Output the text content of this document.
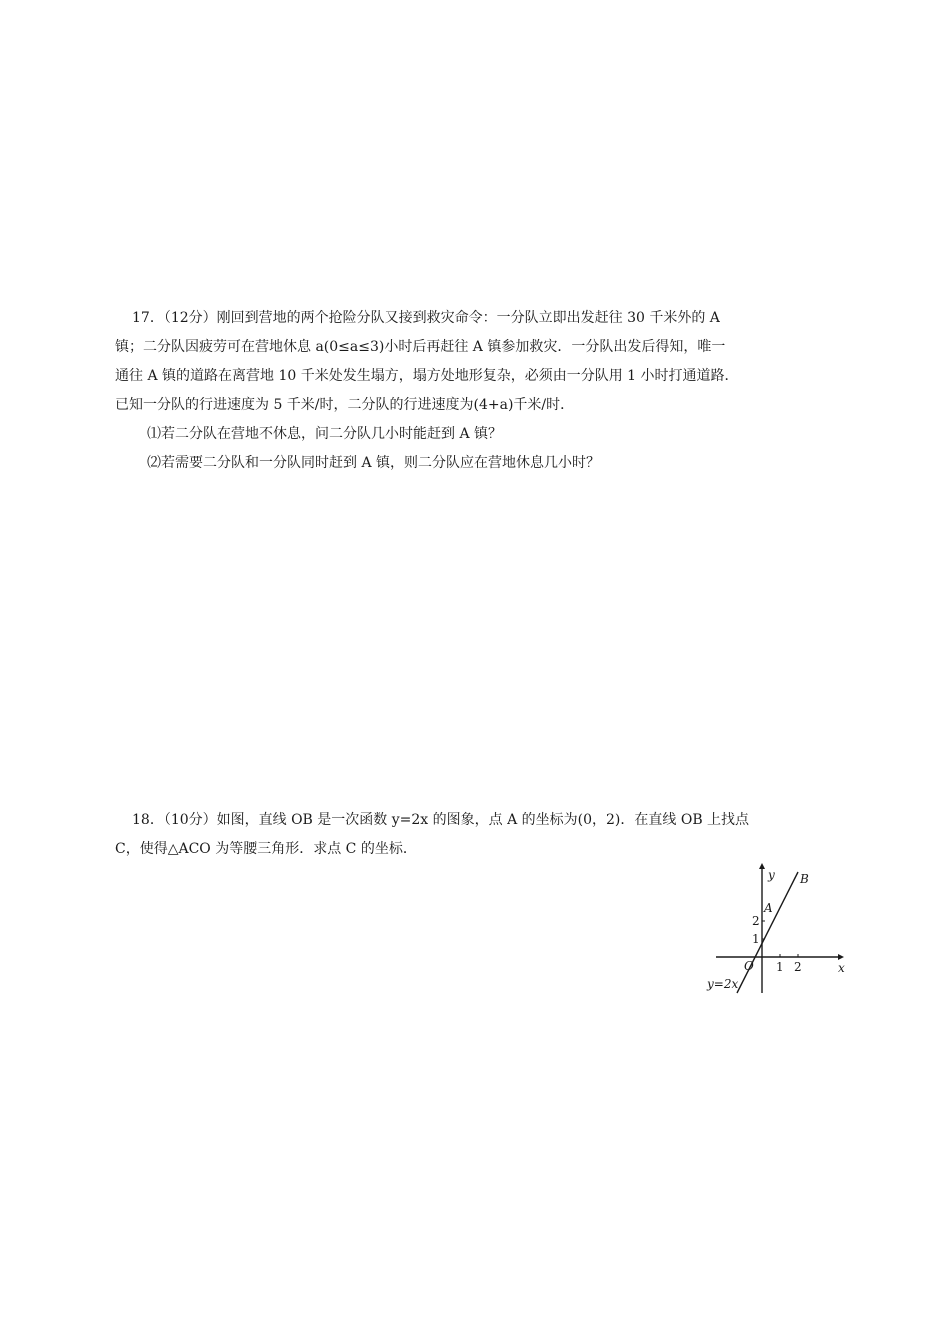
17．（12分）刚回到营地的两个抢险分队又接到救灾命令：一分队立即出发赶往 30 千米外的 A
镇；二分队因疲劳可在营地休息 a(0≤a≤3)小时后再赶往 A 镇参加救灾．一分队出发后得知，唯一
通往 A 镇的道路在离营地 10 千米处发生塌方，塌方处地形复杂，必须由一分队用 1 小时打通道路．
已知一分队的行进速度为 5 千米/时，二分队的行进速度为(4+a)千米/时．
⑴若二分队在营地不休息，问二分队几小时能赶到 A 镇？
⑵若需要二分队和一分队同时赶到 A 镇，则二分队应在营地休息几小时？
18．（10分）如图，直线 OB 是一次函数 y=2x 的图象，点 A 的坐标为(0，2)．在直线 OB 上找点
C，使得△ACO 为等腰三角形．求点 C 的坐标．
y
x
B
A
O
1
2
1 2
y=2x
